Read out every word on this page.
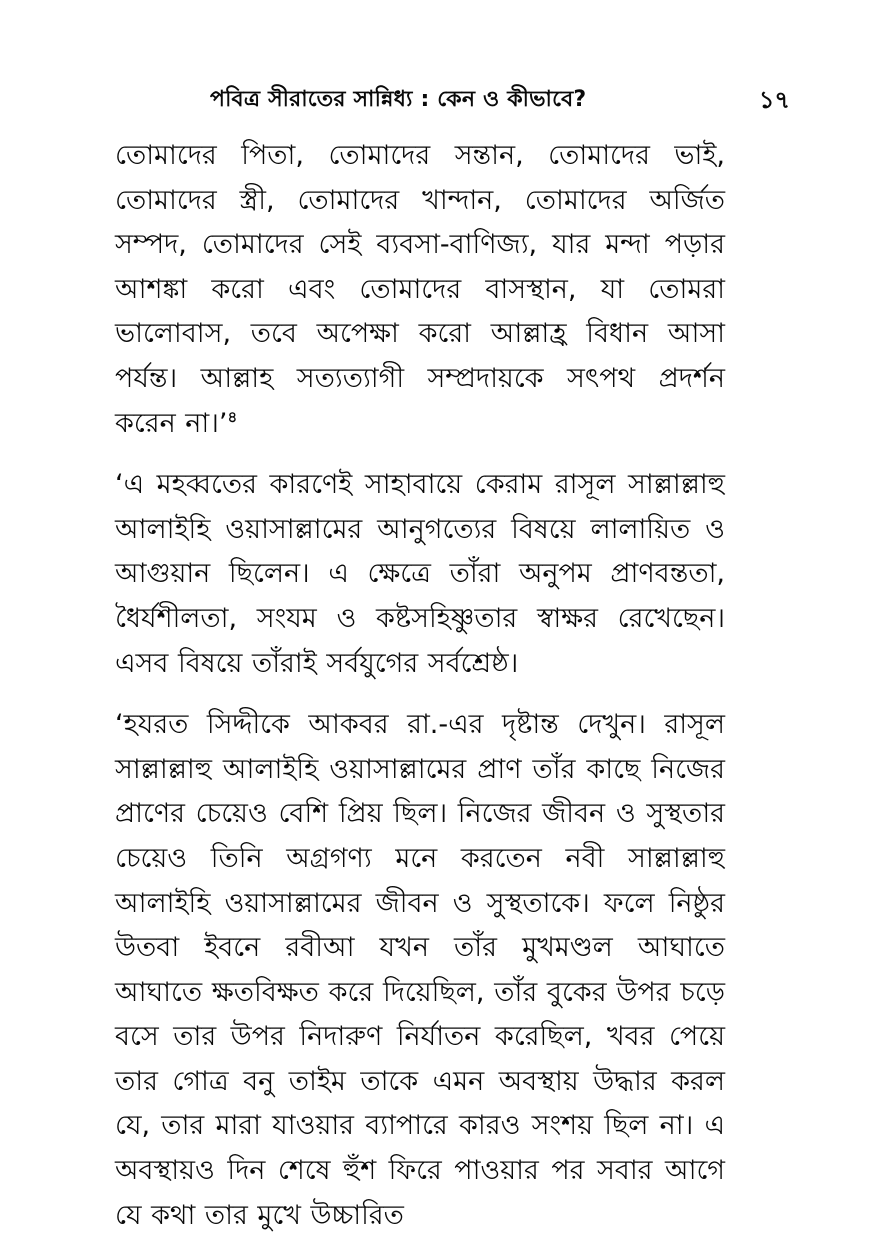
পবিত্র সীরাতের সান্নিধ্য : কেন ও কীভাবে?	১৭

তোমাদের পিতা, তোমাদের সন্তান, তোমাদের ভাই, তোমাদের স্ত্রী, তোমাদের খান্দান, তোমাদের অর্জিত সম্পদ, তোমাদের সেই ব্যবসা-বাণিজ্য, যার মন্দা পড়ার আশঙ্কা করো এবং তোমাদের বাসস্থান, যা তোমরা ভালোবাস, তবে অপেক্ষা করো আল্লাহ্র বিধান আসা পর্যন্ত। আল্লাহ সত্যত্যাগী সম্প্রদায়কে সৎপথ প্রদর্শন করেন না।’$^৪$

‘এ মহব্বতের কারণেই সাহাবায়ে কেরাম রাসূল সাল্লাল্লাহু আলাইহি ওয়াসাল্লামের আনুগত্যের বিষয়ে লালায়িত ও আগুয়ান ছিলেন। এ ক্ষেত্রে তাঁরা অনুপম প্রাণবন্ততা, ধৈর্যশীলতা, সংযম ও কষ্টসহিষ্ণুতার স্বাক্ষর রেখেছেন। এসব বিষয়ে তাঁরাই সর্বযুগের সর্বশ্রেষ্ঠ।

‘হযরত সিদ্দীকে আকবর রা.-এর দৃষ্টান্ত দেখুন। রাসূল সাল্লাল্লাহু আলাইহি ওয়াসাল্লামের প্রাণ তাঁর কাছে নিজের প্রাণের চেয়েও বেশি প্রিয় ছিল। নিজের জীবন ও সুস্থতার চেয়েও তিনি অগ্রগণ্য মনে করতেন নবী সাল্লাল্লাহু আলাইহি ওয়াসাল্লামের জীবন ও সুস্থতাকে। ফলে নিষ্ঠুর উতবা ইবনে রবীআ যখন তাঁর মুখমণ্ডল আঘাতে আঘাতে ক্ষতবিক্ষত করে দিয়েছিল, তাঁর বুকের উপর চড়ে বসে তার উপর নিদারুণ নির্যাতন করেছিল, খবর পেয়ে তার গোত্র বনু তাইম তাকে এমন অবস্থায় উদ্ধার করল যে, তার মারা যাওয়ার ব্যাপারে কারও সংশয় ছিল না। এ অবস্থায়ও দিন শেষে হুঁশ ফিরে পাওয়ার পর সবার আগে যে কথা তার মুখে উচ্চারিত
